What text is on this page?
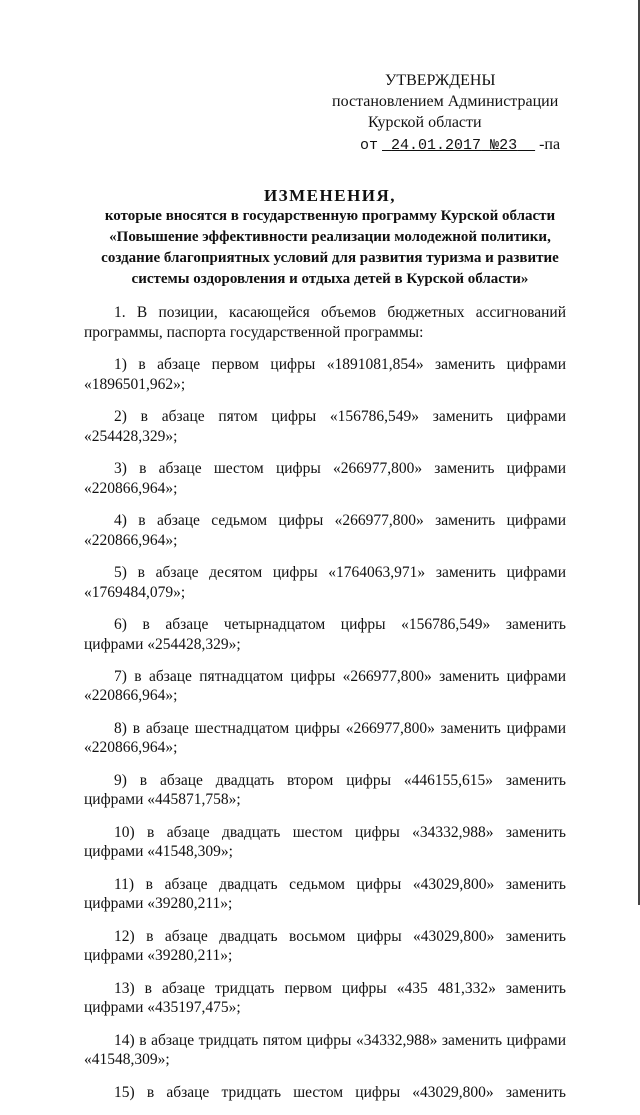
УТВЕРЖДЕНЫ
постановлением Администрации
Курской области
от 24.01.2017 №23 -па
ИЗМЕНЕНИЯ,
которые вносятся в государственную программу Курской области
«Повышение эффективности реализации молодежной политики,
создание благоприятных условий для развития туризма и развитие
системы оздоровления и отдыха детей в Курской области»
1. В позиции, касающейся объемов бюджетных ассигнований
программы, паспорта государственной программы:
1) в абзаце первом цифры «1891081,854» заменить цифрами
«1896501,962»;
2) в абзаце пятом цифры «156786,549» заменить цифрами
«254428,329»;
3) в абзаце шестом цифры «266977,800» заменить цифрами
«220866,964»;
4) в абзаце седьмом цифры «266977,800» заменить цифрами
«220866,964»;
5) в абзаце десятом цифры «1764063,971» заменить цифрами
«1769484,079»;
6) в абзаце четырнадцатом цифры «156786,549» заменить
цифрами «254428,329»;
7) в абзаце пятнадцатом цифры «266977,800» заменить цифрами
«220866,964»;
8) в абзаце шестнадцатом цифры «266977,800» заменить цифрами
«220866,964»;
9) в абзаце двадцать втором цифры «446155,615» заменить
цифрами «445871,758»;
10) в абзаце двадцать шестом цифры «34332,988» заменить
цифрами «41548,309»;
11) в абзаце двадцать седьмом цифры «43029,800» заменить
цифрами «39280,211»;
12) в абзаце двадцать восьмом цифры «43029,800» заменить
цифрами «39280,211»;
13) в абзаце тридцать первом цифры «435 481,332» заменить
цифрами «435197,475»;
14) в абзаце тридцать пятом цифры «34332,988» заменить цифрами
«41548,309»;
15) в абзаце тридцать шестом цифры «43029,800» заменить
